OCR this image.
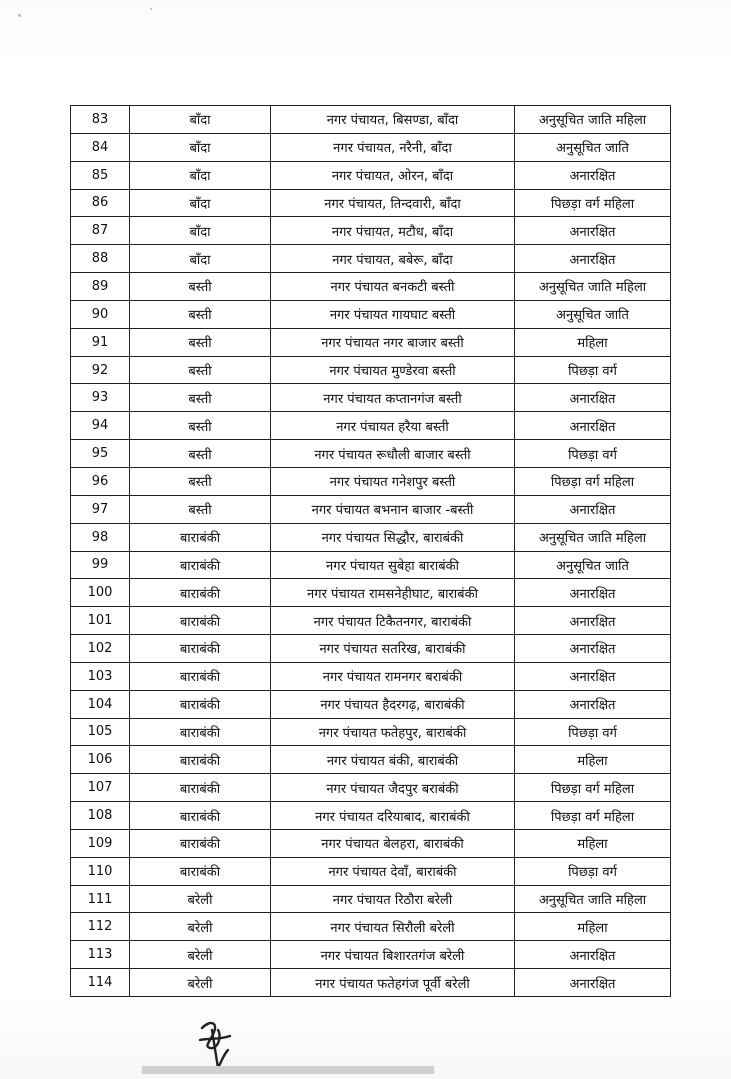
83	बाँदा	नगर पंचायत, बिसण्डा, बाँदा	अनुसूचित जाति महिला
84	बाँदा	नगर पंचायत, नरैनी, बाँदा	अनुसूचित जाति
85	बाँदा	नगर पंचायत, ओरन, बाँदा	अनारक्षित
86	बाँदा	नगर पंचायत, तिन्दवारी, बाँदा	पिछड़ा वर्ग महिला
87	बाँदा	नगर पंचायत, मटौध, बाँदा	अनारक्षित
88	बाँदा	नगर पंचायत, बबेरू, बाँदा	अनारक्षित
89	बस्ती	नगर पंचायत बनकटी बस्ती	अनुसूचित जाति महिला
90	बस्ती	नगर पंचायत गायघाट बस्ती	अनुसूचित जाति
91	बस्ती	नगर पंचायत नगर बाजार बस्ती	महिला
92	बस्ती	नगर पंचायत मुण्डेरवा बस्ती	पिछड़ा वर्ग
93	बस्ती	नगर पंचायत कप्तानगंज बस्ती	अनारक्षित
94	बस्ती	नगर पंचायत हरैया बस्ती	अनारक्षित
95	बस्ती	नगर पंचायत रूधौली बाजार बस्ती	पिछड़ा वर्ग
96	बस्ती	नगर पंचायत गनेशपुर बस्ती	पिछड़ा वर्ग महिला
97	बस्ती	नगर पंचायत बभनान बाजार -बस्ती	अनारक्षित
98	बाराबंकी	नगर पंचायत सिद्धौर, बाराबंकी	अनुसूचित जाति महिला
99	बाराबंकी	नगर पंचायत सुबेहा बाराबंकी	अनुसूचित जाति
100	बाराबंकी	नगर पंचायत रामसनेहीघाट, बाराबंकी	अनारक्षित
101	बाराबंकी	नगर पंचायत टिकैतनगर, बाराबंकी	अनारक्षित
102	बाराबंकी	नगर पंचायत सतरिख, बाराबंकी	अनारक्षित
103	बाराबंकी	नगर पंचायत रामनगर बराबंकी	अनारक्षित
104	बाराबंकी	नगर पंचायत हैदरगढ़, बाराबंकी	अनारक्षित
105	बाराबंकी	नगर पंचायत फतेहपुर, बाराबंकी	पिछड़ा वर्ग
106	बाराबंकी	नगर पंचायत बंकी, बाराबंकी	महिला
107	बाराबंकी	नगर पंचायत जैदपुर बराबंकी	पिछड़ा वर्ग महिला
108	बाराबंकी	नगर पंचायत दरियाबाद, बाराबंकी	पिछड़ा वर्ग महिला
109	बाराबंकी	नगर पंचायत बेलहरा, बाराबंकी	महिला
110	बाराबंकी	नगर पंचायत देवाँ, बाराबंकी	पिछड़ा वर्ग
111	बरेली	नगर पंचायत रिठौरा बरेली	अनुसूचित जाति महिला
112	बरेली	नगर पंचायत सिरौली बरेली	महिला
113	बरेली	नगर पंचायत बिशारतगंज बरेली	अनारक्षित
114	बरेली	नगर पंचायत फतेहगंज पूर्वी बरेली	अनारक्षित
